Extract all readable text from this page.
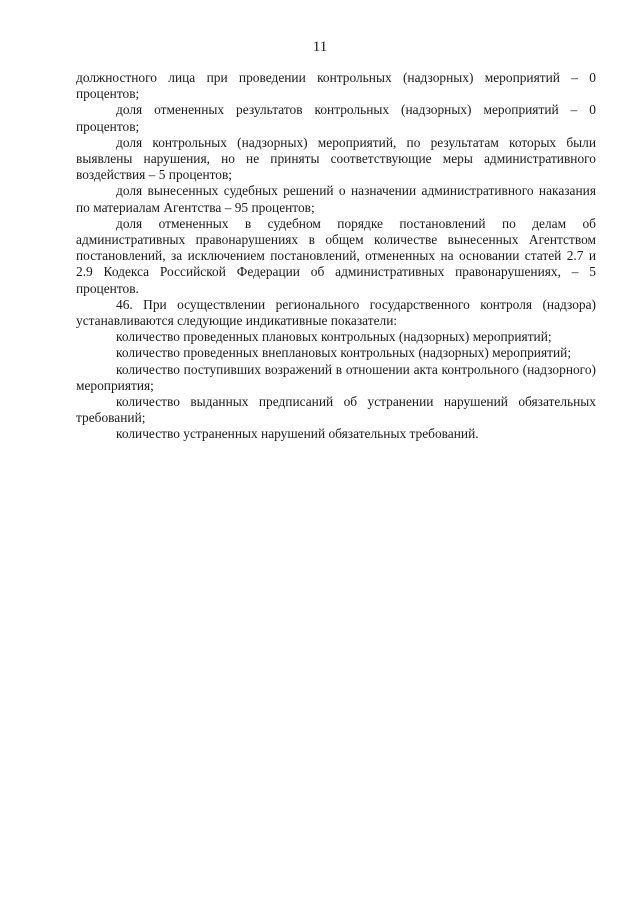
11

должностного лица при проведении контрольных (надзорных) мероприятий – 0 процентов;

доля отмененных результатов контрольных (надзорных) мероприятий – 0 процентов;

доля контрольных (надзорных) мероприятий, по результатам которых были выявлены нарушения, но не приняты соответствующие меры административного воздействия – 5 процентов;

доля вынесенных судебных решений о назначении административного наказания по материалам Агентства – 95 процентов;

доля отмененных в судебном порядке постановлений по делам об административных правонарушениях в общем количестве вынесенных Агентством постановлений, за исключением постановлений, отмененных на основании статей 2.7 и 2.9 Кодекса Российской Федерации об административных правонарушениях, – 5 процентов.

46. При осуществлении регионального государственного контроля (надзора) устанавливаются следующие индикативные показатели:

количество проведенных плановых контрольных (надзорных) мероприятий;

количество проведенных внеплановых контрольных (надзорных) мероприятий;

количество поступивших возражений в отношении акта контрольного (надзорного) мероприятия;

количество выданных предписаний об устранении нарушений обязательных требований;

количество устраненных нарушений обязательных требований.
